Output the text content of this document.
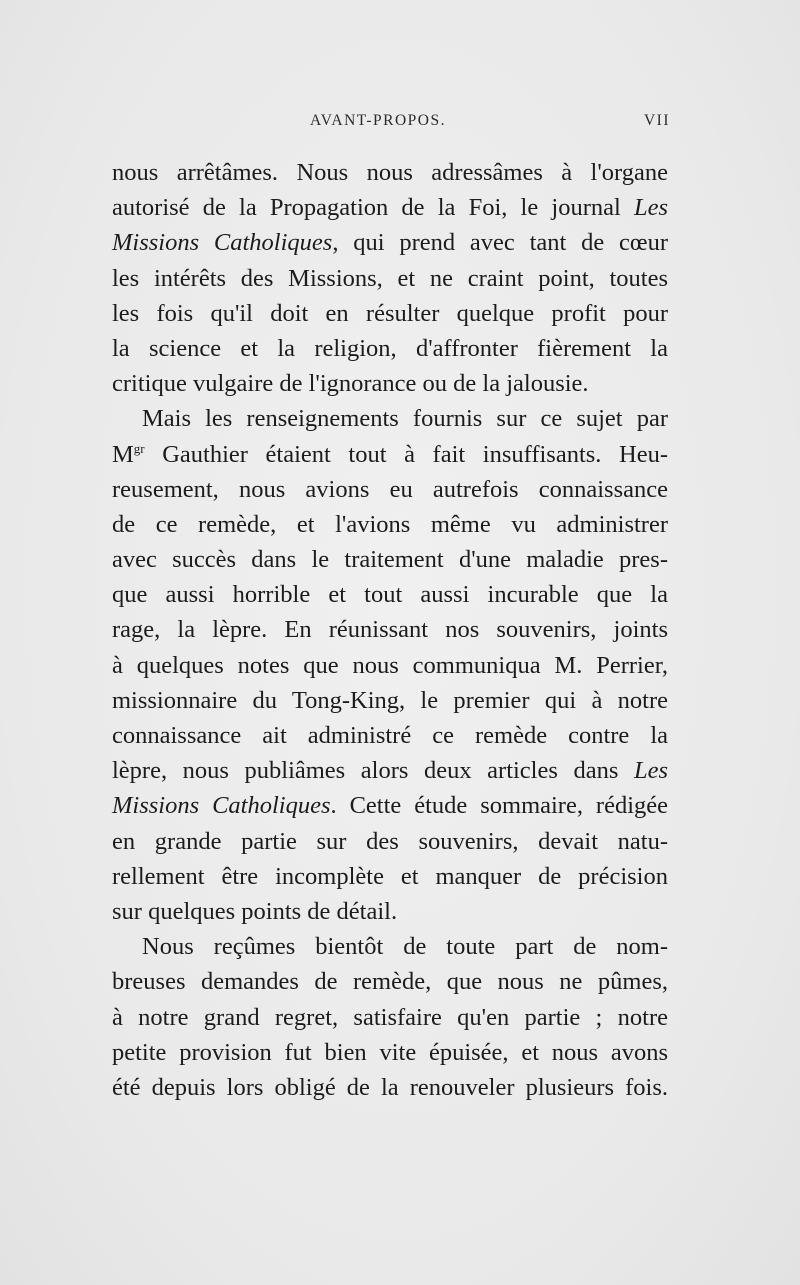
AVANT-PROPOS.	VII
nous arrêtâmes. Nous nous adressâmes à l'organe
autorisé de la Propagation de la Foi, le journal Les
Missions Catholiques, qui prend avec tant de cœur
les intérêts des Missions, et ne craint point, toutes
les fois qu'il doit en résulter quelque profit pour
la science et la religion, d'affronter fièrement la
critique vulgaire de l'ignorance ou de la jalousie.
Mais les renseignements fournis sur ce sujet par
$M^{gr}$ Gauthier étaient tout à fait insuffisants. Heu-
reusement, nous avions eu autrefois connaissance
de ce remède, et l'avions même vu administrer
avec succès dans le traitement d'une maladie pres-
que aussi horrible et tout aussi incurable que la
rage, la lèpre. En réunissant nos souvenirs, joints
à quelques notes que nous communiqua M. Perrier,
missionnaire du Tong-King, le premier qui à notre
connaissance ait administré ce remède contre la
lèpre, nous publiâmes alors deux articles dans Les
Missions Catholiques. Cette étude sommaire, rédigée
en grande partie sur des souvenirs, devait natu-
rellement être incomplète et manquer de précision
sur quelques points de détail.
Nous reçûmes bientôt de toute part de nom-
breuses demandes de remède, que nous ne pûmes,
à notre grand regret, satisfaire qu'en partie ; notre
petite provision fut bien vite épuisée, et nous avons
été depuis lors obligé de la renouveler plusieurs fois.
